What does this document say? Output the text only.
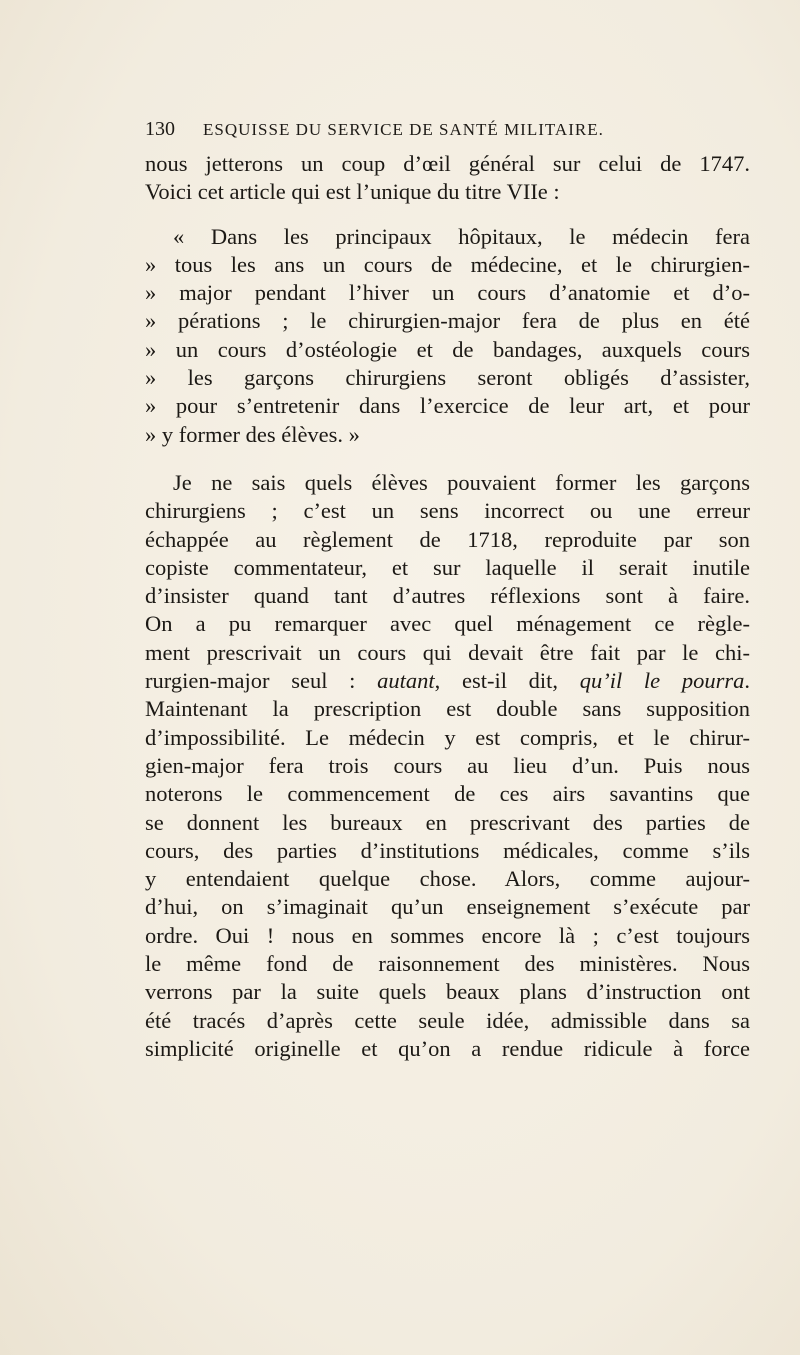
130 ESQUISSE DU SERVICE DE SANTÉ MILITAIRE.
nous jetterons un coup d’œil général sur celui de 1747.
Voici cet article qui est l’unique du titre VIIe :
« Dans les principaux hôpitaux, le médecin fera
» tous les ans un cours de médecine, et le chirurgien-
» major pendant l’hiver un cours d’anatomie et d’o-
» pérations ; le chirurgien-major fera de plus en été
» un cours d’ostéologie et de bandages, auxquels cours
» les garçons chirurgiens seront obligés d’assister,
» pour s’entretenir dans l’exercice de leur art, et pour
» y former des élèves. »
Je ne sais quels élèves pouvaient former les garçons
chirurgiens ; c’est un sens incorrect ou une erreur
échappée au règlement de 1718, reproduite par son
copiste commentateur, et sur laquelle il serait inutile
d’insister quand tant d’autres réflexions sont à faire.
On a pu remarquer avec quel ménagement ce règle-
ment prescrivait un cours qui devait être fait par le chi-
rurgien-major seul : autant, est-il dit, qu’il le pourra.
Maintenant la prescription est double sans supposition
d’impossibilité. Le médecin y est compris, et le chirur-
gien-major fera trois cours au lieu d’un. Puis nous
noterons le commencement de ces airs savantins que
se donnent les bureaux en prescrivant des parties de
cours, des parties d’institutions médicales, comme s’ils
y entendaient quelque chose. Alors, comme aujour-
d’hui, on s’imaginait qu’un enseignement s’exécute par
ordre. Oui ! nous en sommes encore là ; c’est toujours
le même fond de raisonnement des ministères. Nous
verrons par la suite quels beaux plans d’instruction ont
été tracés d’après cette seule idée, admissible dans sa
simplicité originelle et qu’on a rendue ridicule à force
